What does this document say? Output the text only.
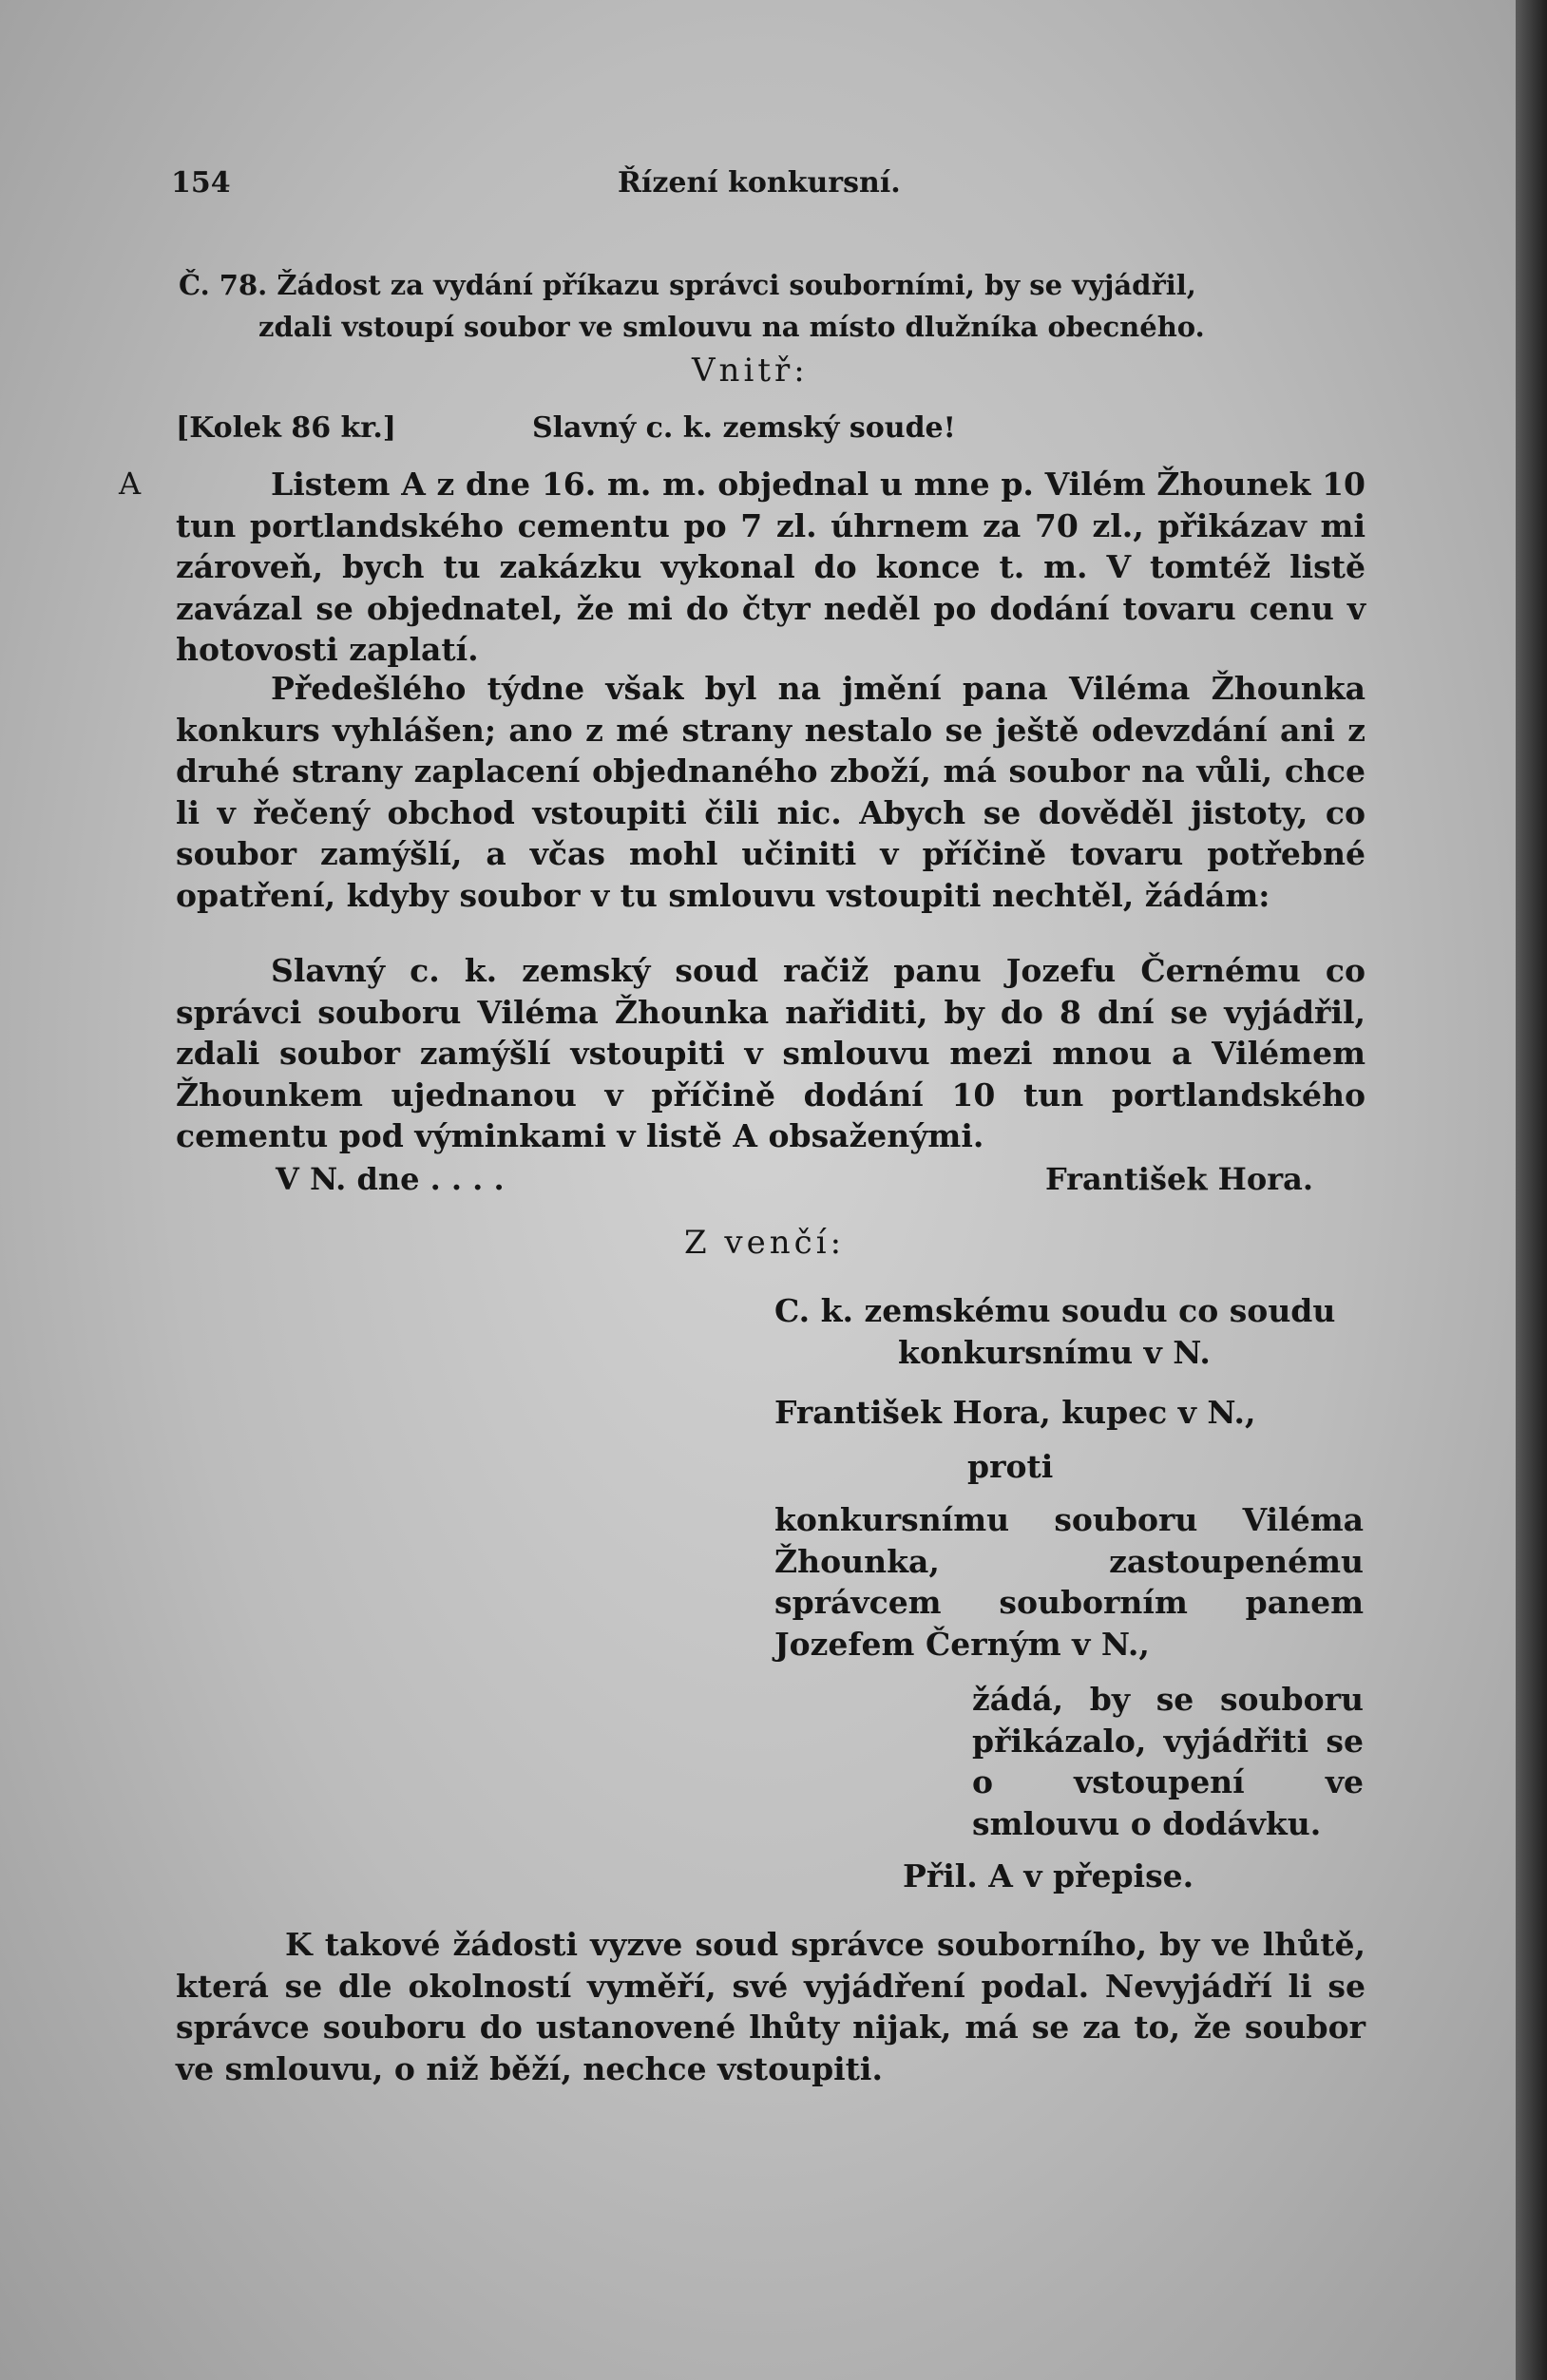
154	Řízení konkursní.
Č. 78. Žádost za vydání příkazu správci souborními, by se vyjádřil,
zdali vstoupí soubor ve smlouvu na místo dlužníka obecného.
Vnitř:
[Kolek 86 kr.]	Slavný c. k. zemský soude!
A	Listem A z dne 16. m. m. objednal u mne p. Vilém Žhounek 10 tun portlandského cementu po 7 zl. úhrnem za 70 zl., přikázav mi zároveň, bych tu zakázku vykonal do konce t. m. V tomtéž listě zavázal se objednatel, že mi do čtyr neděl po dodání tovaru cenu v hotovosti zaplatí.
Předešlého týdne však byl na jmění pana Viléma Žhounka konkurs vyhlášen; ano z mé strany nestalo se ještě odevzdání ani z druhé strany zaplacení objednaného zboží, má soubor na vůli, chce li v řečený obchod vstoupiti čili nic. Abych se dověděl jistoty, co soubor zamýšlí, a včas mohl učiniti v příčině tovaru potřebné opatření, kdyby soubor v tu smlouvu vstoupiti nechtěl, žádám:
Slavný c. k. zemský soud račiž panu Jozefu Černému co správci souboru Viléma Žhounka nařiditi, by do 8 dní se vyjádřil, zdali soubor zamýšlí vstoupiti v smlouvu mezi mnou a Vilémem Žhounkem ujednanou v příčině dodání 10 tun portlandského cementu pod výminkami v listě A obsaženými.
V N. dne . . . .	František Hora.
Z venčí:
C. k. zemskému soudu co soudu
konkursnímu v N.
František Hora, kupec v N.,
proti
konkursnímu souboru Viléma Žhounka, zastoupenému správcem souborním panem Jozefem Černým v N.,
žádá, by se souboru přikázalo, vyjádřiti se o vstoupení ve smlouvu o dodávku.
Přil. A v přepise.
K takové žádosti vyzve soud správce souborního, by ve lhůtě, která se dle okolností vyměří, své vyjádření podal. Nevyjádří li se správce souboru do ustanovené lhůty nijak, má se za to, že soubor ve smlouvu, o niž běží, nechce vstoupiti.
